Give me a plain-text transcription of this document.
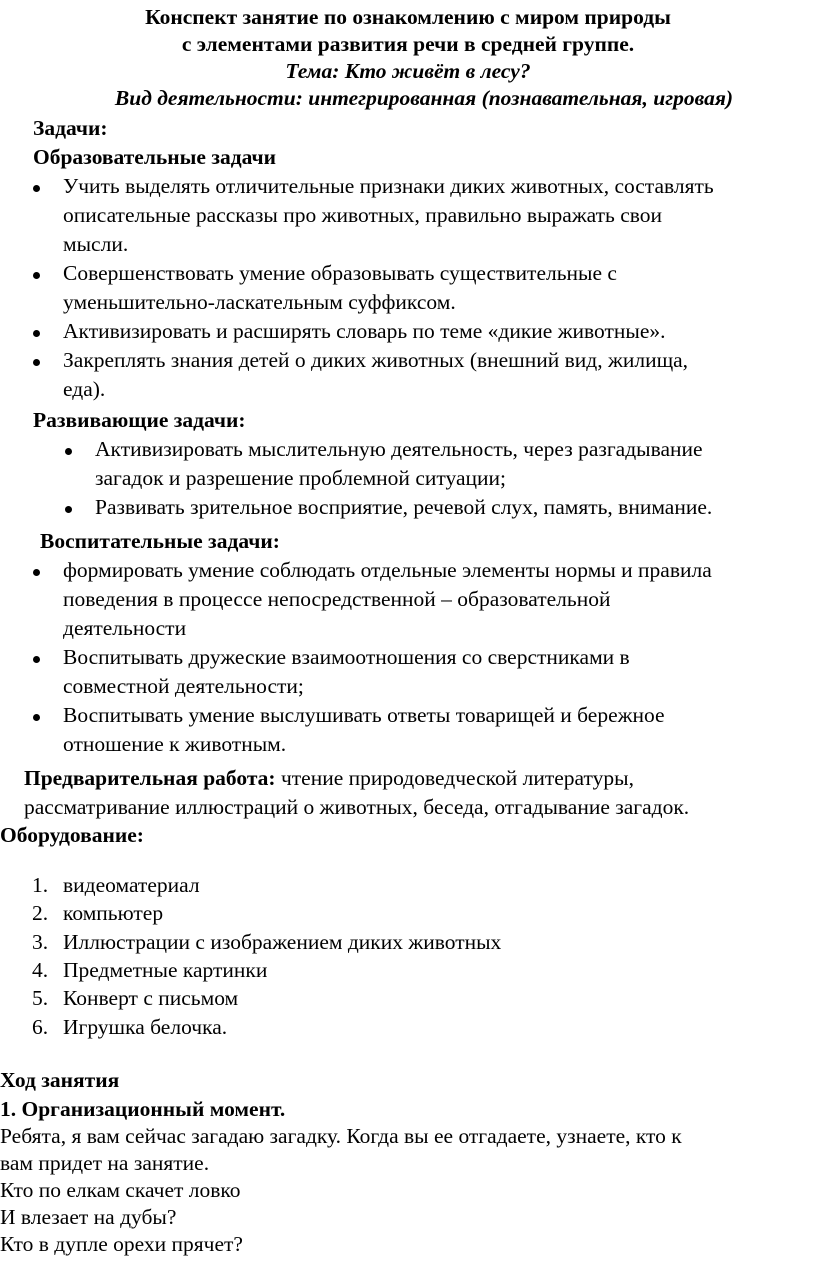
Конспект занятие по ознакомлению с миром природы
с элементами развития речи в средней группе.
Тема: Кто живёт в лесу?
Вид деятельности: интегрированная (познавательная, игровая)
Задачи:
Образовательные задачи
Учить выделять отличительные признаки диких животных, составлять
описательные рассказы про животных, правильно выражать свои
мысли.
Совершенствовать умение образовывать существительные с
уменьшительно-ласкательным суффиксом.
Активизировать и расширять словарь по теме «дикие животные».
Закреплять знания детей о диких животных (внешний вид, жилища,
еда).
Развивающие задачи:
Активизировать мыслительную деятельность, через разгадывание
загадок и разрешение проблемной ситуации;
Развивать зрительное восприятие, речевой слух, память, внимание.
Воспитательные задачи:
формировать умение соблюдать отдельные элементы нормы и правила
поведения в процессе непосредственной – образовательной
деятельности
Воспитывать дружеские взаимоотношения со сверстниками в
совместной деятельности;
Воспитывать умение выслушивать ответы товарищей и бережное
отношение к животным.
Предварительная работа: чтение природоведческой литературы,
рассматривание иллюстраций о животных, беседа, отгадывание загадок.
Оборудование:
1. видеоматериал
2. компьютер
3. Иллюстрации с изображением диких животных
4. Предметные картинки
5. Конверт с письмом
6. Игрушка белочка.
Ход занятия
1. Организационный момент.
Ребята, я вам сейчас загадаю загадку. Когда вы ее отгадаете, узнаете, кто к
вам придет на занятие.
Кто по елкам скачет ловко
И влезает на дубы?
Кто в дупле орехи прячет?
